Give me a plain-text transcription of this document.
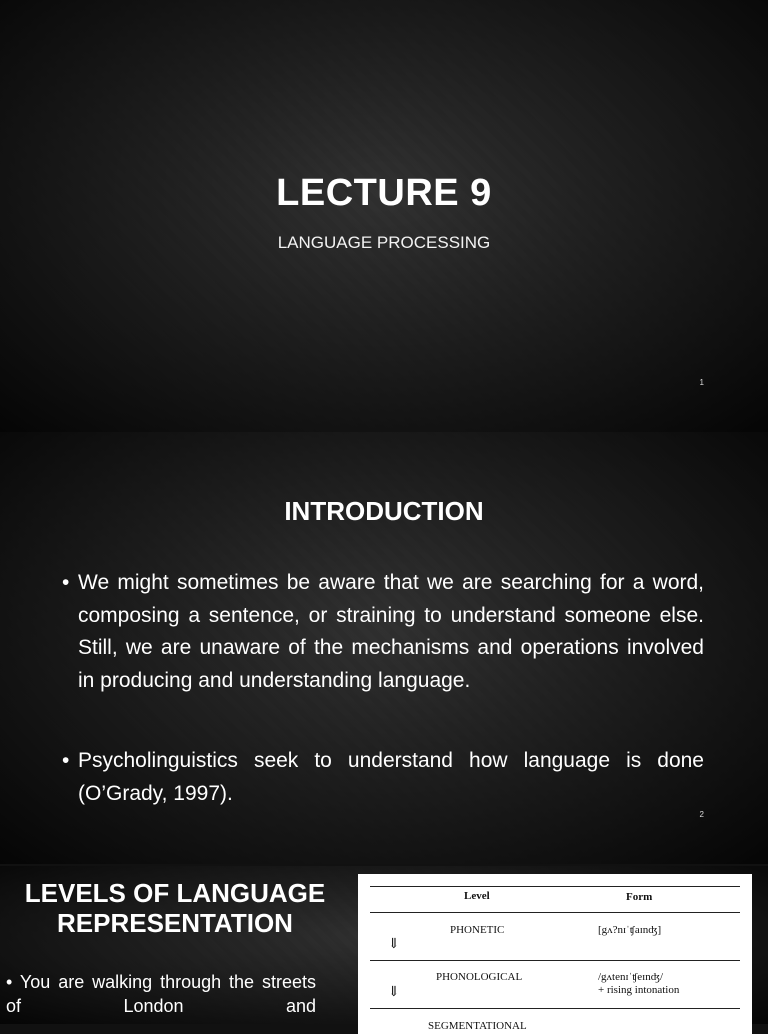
LECTURE 9
LANGUAGE PROCESSING
1
INTRODUCTION
• We might sometimes be aware that we are searching for a word, composing a sentence, or straining to understand someone else. Still, we are unaware of the mechanisms and operations involved in producing and understanding language.
• Psycholinguistics seek to understand how language is done (O’Grady, 1997).
2
LEVELS OF LANGUAGE
REPRESENTATION
• You are walking through the streets of London and
Level	Form
PHONETIC	[gʌ?nɪˈʧaɪnʤ]
⇓
PHONOLOGICAL	/gʌtenɪˈʧeɪnʤ/
+ rising intonation
⇓
SEGMENTATIONAL
